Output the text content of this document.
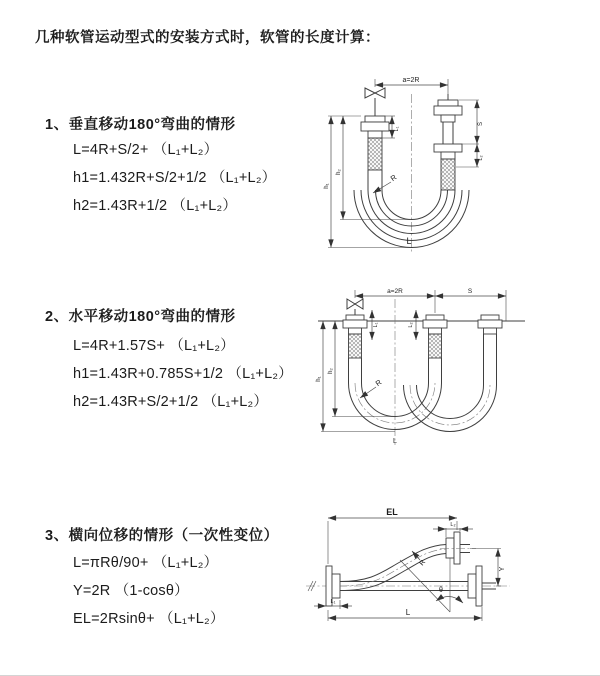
几种软管运动型式的安装方式时，软管的长度计算：
1、垂直移动180°弯曲的情形
L=4R+S/2+ （L₁+L₂）
h1=1.432R+S/2+1/2 （L₁+L₂）
h2=1.43R+1/2 （L₁+L₂）
2、水平移动180°弯曲的情形
L=4R+1.57S+ （L₁+L₂）
h1=1.43R+0.785S+1/2 （L₁+L₂）
h2=1.43R+S/2+1/2 （L₁+L₂）
3、横向位移的情形（一次性变位）
L=πRθ/90+ （L₁+L₂）
Y=2R （1-cosθ）
EL=2Rsinθ+ （L₁+L₂）
a=2R
h₁
h₂
L₁
S
L₂
R
L
a=2R	S
h₁
h₂
L₁	L₂
R
L
θ
R
EL
L₂
Y
L₁
L
